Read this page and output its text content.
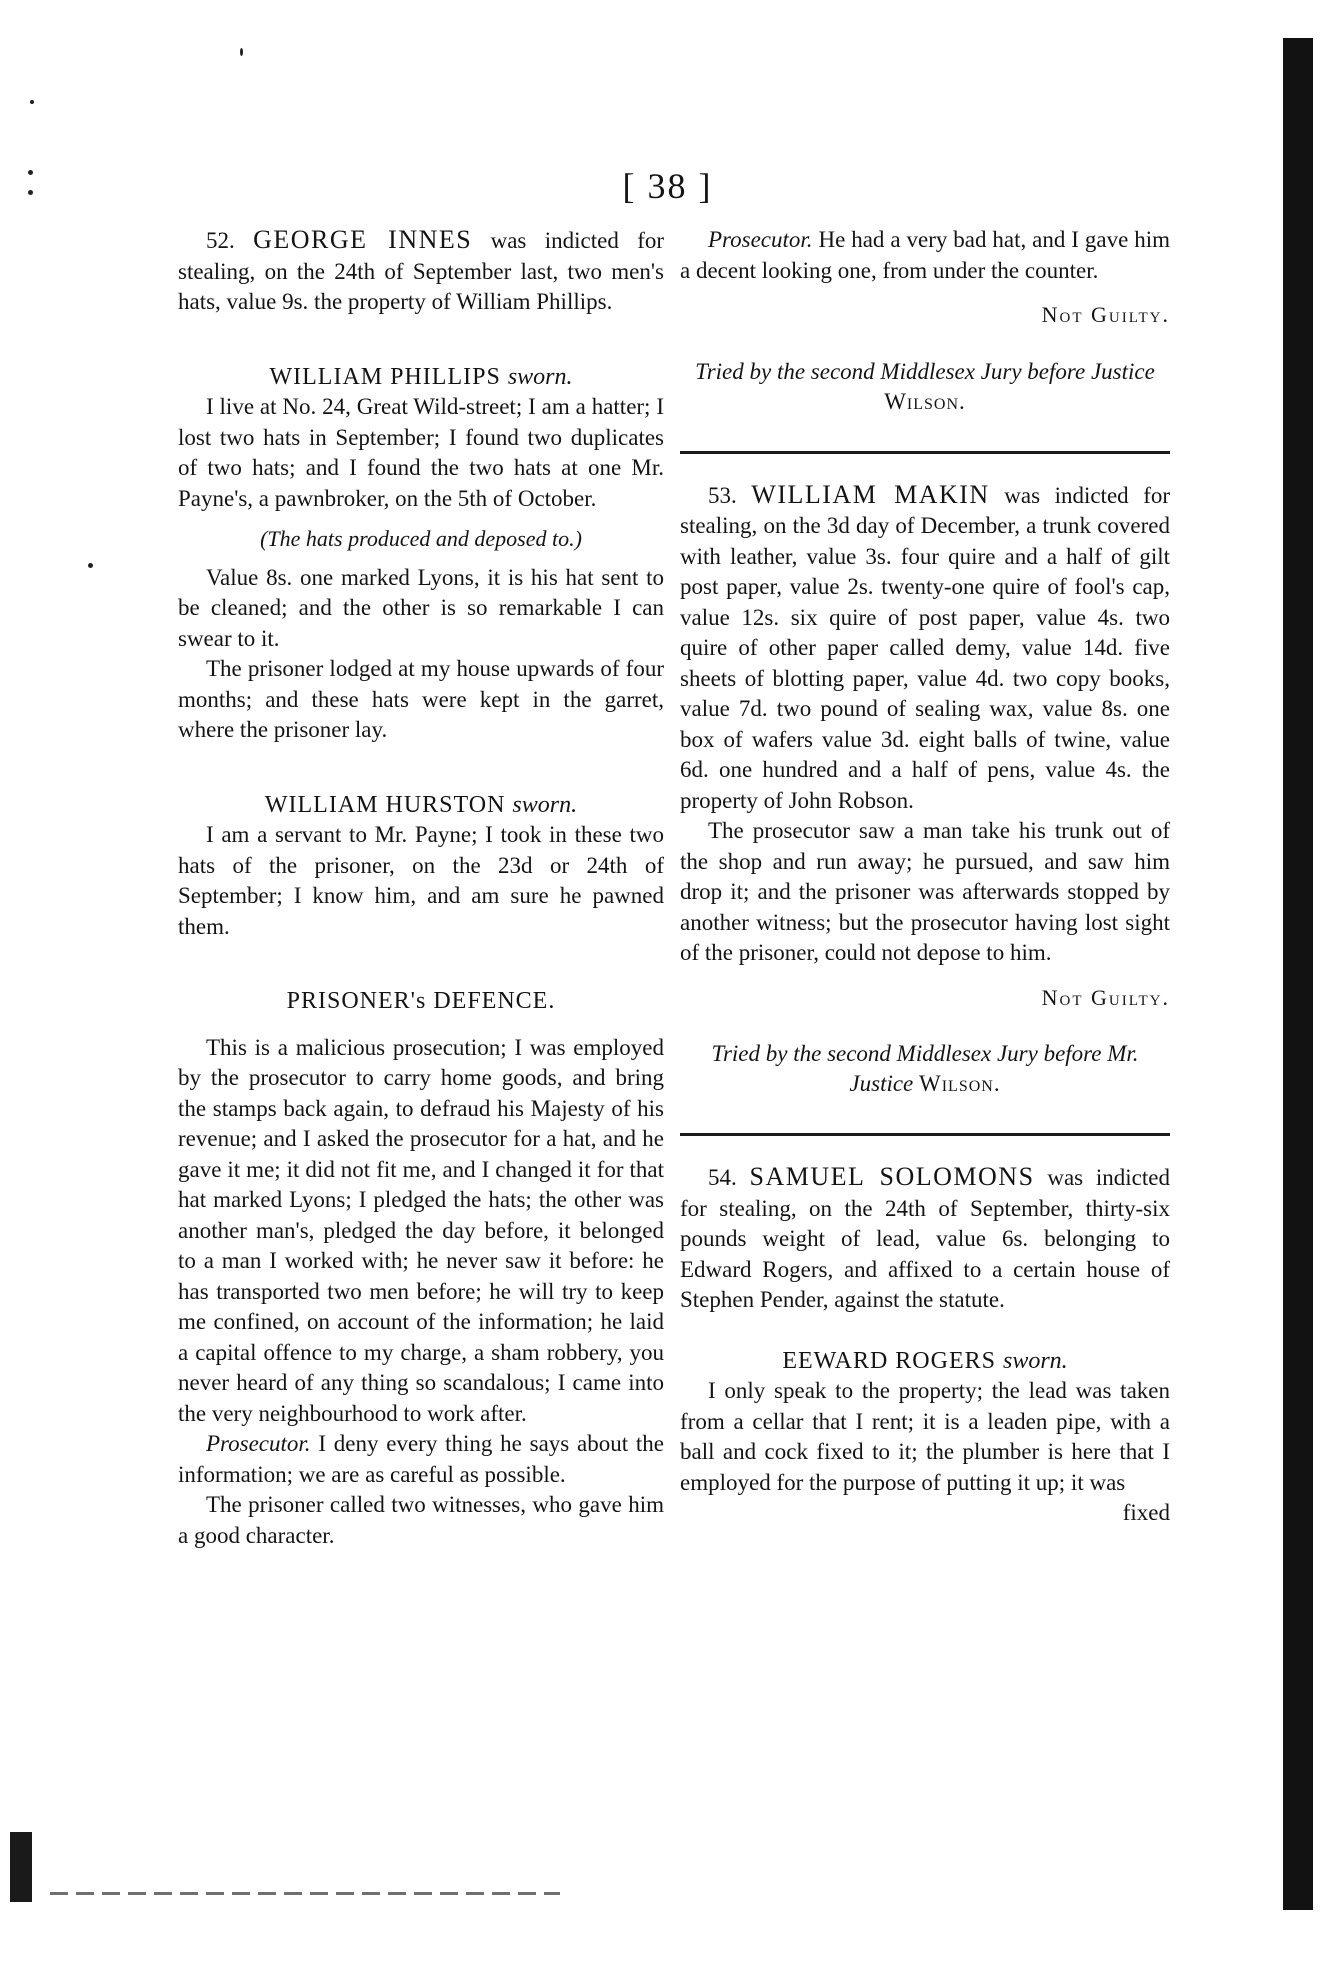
[ 38 ]

52. GEORGE INNES was indicted for stealing, on the 24th of September last, two men's hats, value 9s. the property of William Phillips.

WILLIAM PHILLIPS sworn.

I live at No. 24, Great Wild-street; I am a hatter; I lost two hats in September; I found two duplicates of two hats; and I found the two hats at one Mr. Payne's, a pawnbroker, on the 5th of October.

(The hats produced and deposed to.)

Value 8s. one marked Lyons, it is his hat sent to be cleaned; and the other is so remarkable I can swear to it.

The prisoner lodged at my house upwards of four months; and these hats were kept in the garret, where the prisoner lay.

WILLIAM HURSTON sworn.

I am a servant to Mr. Payne; I took in these two hats of the prisoner, on the 23d or 24th of September; I know him, and am sure he pawned them.

PRISONER's DEFENCE.

This is a malicious prosecution; I was employed by the prosecutor to carry home goods, and bring the stamps back again, to defraud his Majesty of his revenue; and I asked the prosecutor for a hat, and he gave it me; it did not fit me, and I changed it for that hat marked Lyons; I pledged the hats; the other was another man's, pledged the day before, it belonged to a man I worked with; he never saw it before: he has transported two men before; he will try to keep me confined, on account of the information; he laid a capital offence to my charge, a sham robbery, you never heard of any thing so scandalous; I came into the very neighbourhood to work after.

Prosecutor. I deny every thing he says about the information; we are as careful as possible.

The prisoner called two witnesses, who gave him a good character.

Prosecutor. He had a very bad hat, and I gave him a decent looking one, from under the counter.

Not Guilty.

Tried by the second Middlesex Jury before Justice Wilson.

53. WILLIAM MAKIN was indicted for stealing, on the 3d day of December, a trunk covered with leather, value 3s. four quire and a half of gilt post paper, value 2s. twenty-one quire of fool's cap, value 12s. six quire of post paper, value 4s. two quire of other paper called demy, value 14d. five sheets of blotting paper, value 4d. two copy books, value 7d. two pound of sealing wax, value 8s. one box of wafers value 3d. eight balls of twine, value 6d. one hundred and a half of pens, value 4s. the property of John Robson.

The prosecutor saw a man take his trunk out of the shop and run away; he pursued, and saw him drop it; and the prisoner was afterwards stopped by another witness; but the prosecutor having lost sight of the prisoner, could not depose to him.

Not Guilty.

Tried by the second Middlesex Jury before Mr. Justice Wilson.

54. SAMUEL SOLOMONS was indicted for stealing, on the 24th of September, thirty-six pounds weight of lead, value 6s. belonging to Edward Rogers, and affixed to a certain house of Stephen Pender, against the statute.

EEWARD ROGERS sworn.

I only speak to the property; the lead was taken from a cellar that I rent; it is a leaden pipe, with a ball and cock fixed to it; the plumber is here that I employed for the purpose of putting it up; it was

fixed
